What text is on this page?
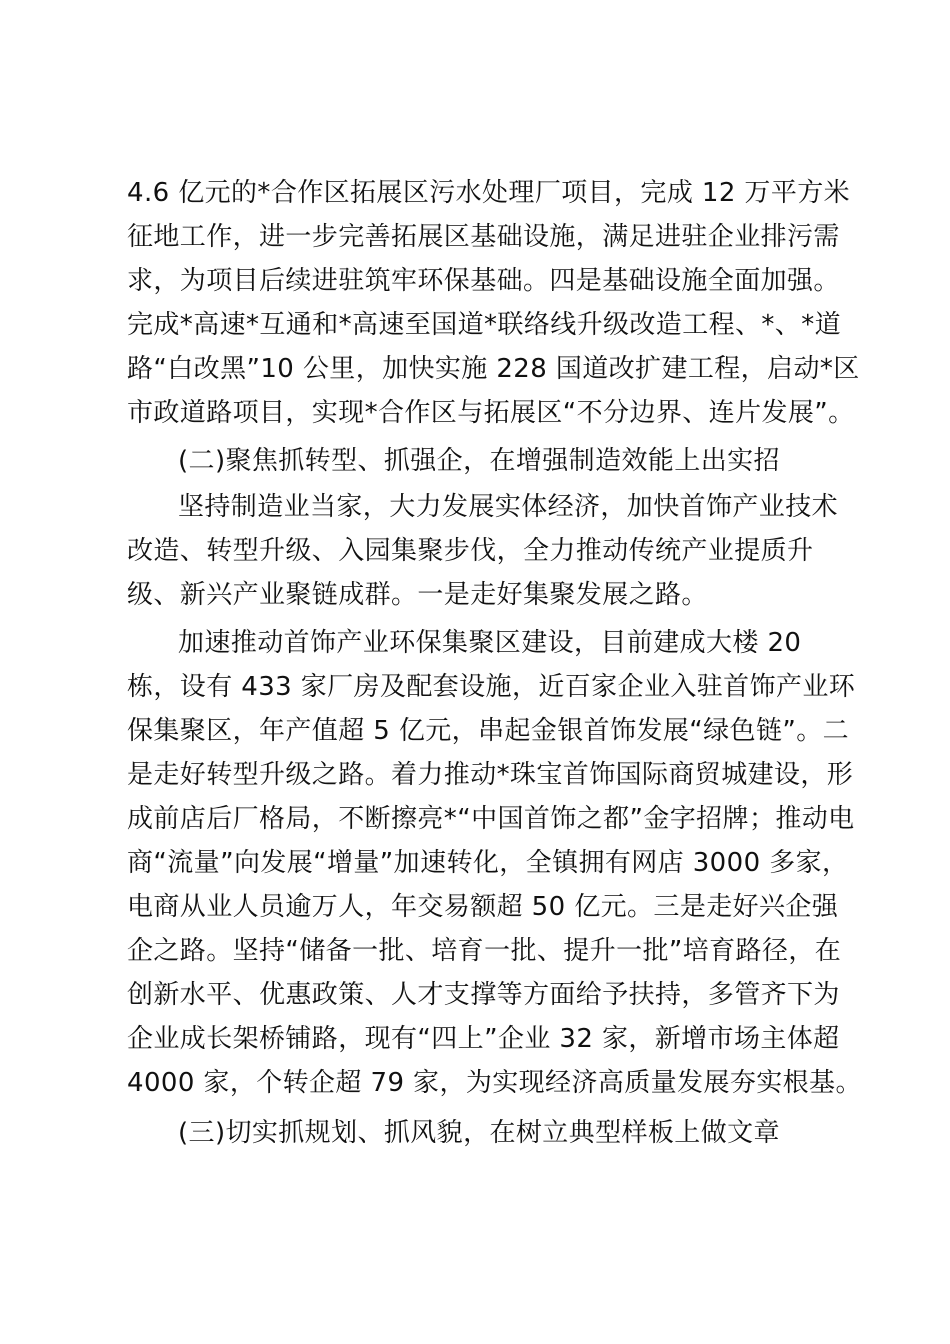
4.6 亿元的*合作区拓展区污水处理厂项目，完成 12 万平方米
征地工作，进一步完善拓展区基础设施，满足进驻企业排污需
求，为项目后续进驻筑牢环保基础。四是基础设施全面加强。
完成*高速*互通和*高速至国道*联络线升级改造工程、*、*道
路“白改黑”10 公里，加快实施 228 国道改扩建工程，启动*区
市政道路项目，实现*合作区与拓展区“不分边界、连片发展”。
(二)聚焦抓转型、抓强企，在增强制造效能上出实招
坚持制造业当家，大力发展实体经济，加快首饰产业技术
改造、转型升级、入园集聚步伐，全力推动传统产业提质升
级、新兴产业聚链成群。一是走好集聚发展之路。
加速推动首饰产业环保集聚区建设，目前建成大楼 20
栋，设有 433 家厂房及配套设施，近百家企业入驻首饰产业环
保集聚区，年产值超 5 亿元，串起金银首饰发展“绿色链”。二
是走好转型升级之路。着力推动*珠宝首饰国际商贸城建设，形
成前店后厂格局，不断擦亮*“中国首饰之都”金字招牌；推动电
商“流量”向发展“增量”加速转化，全镇拥有网店 3000 多家，
电商从业人员逾万人，年交易额超 50 亿元。三是走好兴企强
企之路。坚持“储备一批、培育一批、提升一批”培育路径，在
创新水平、优惠政策、人才支撑等方面给予扶持，多管齐下为
企业成长架桥铺路，现有“四上”企业 32 家，新增市场主体超
4000 家，个转企超 79 家，为实现经济高质量发展夯实根基。
(三)切实抓规划、抓风貌，在树立典型样板上做文章
